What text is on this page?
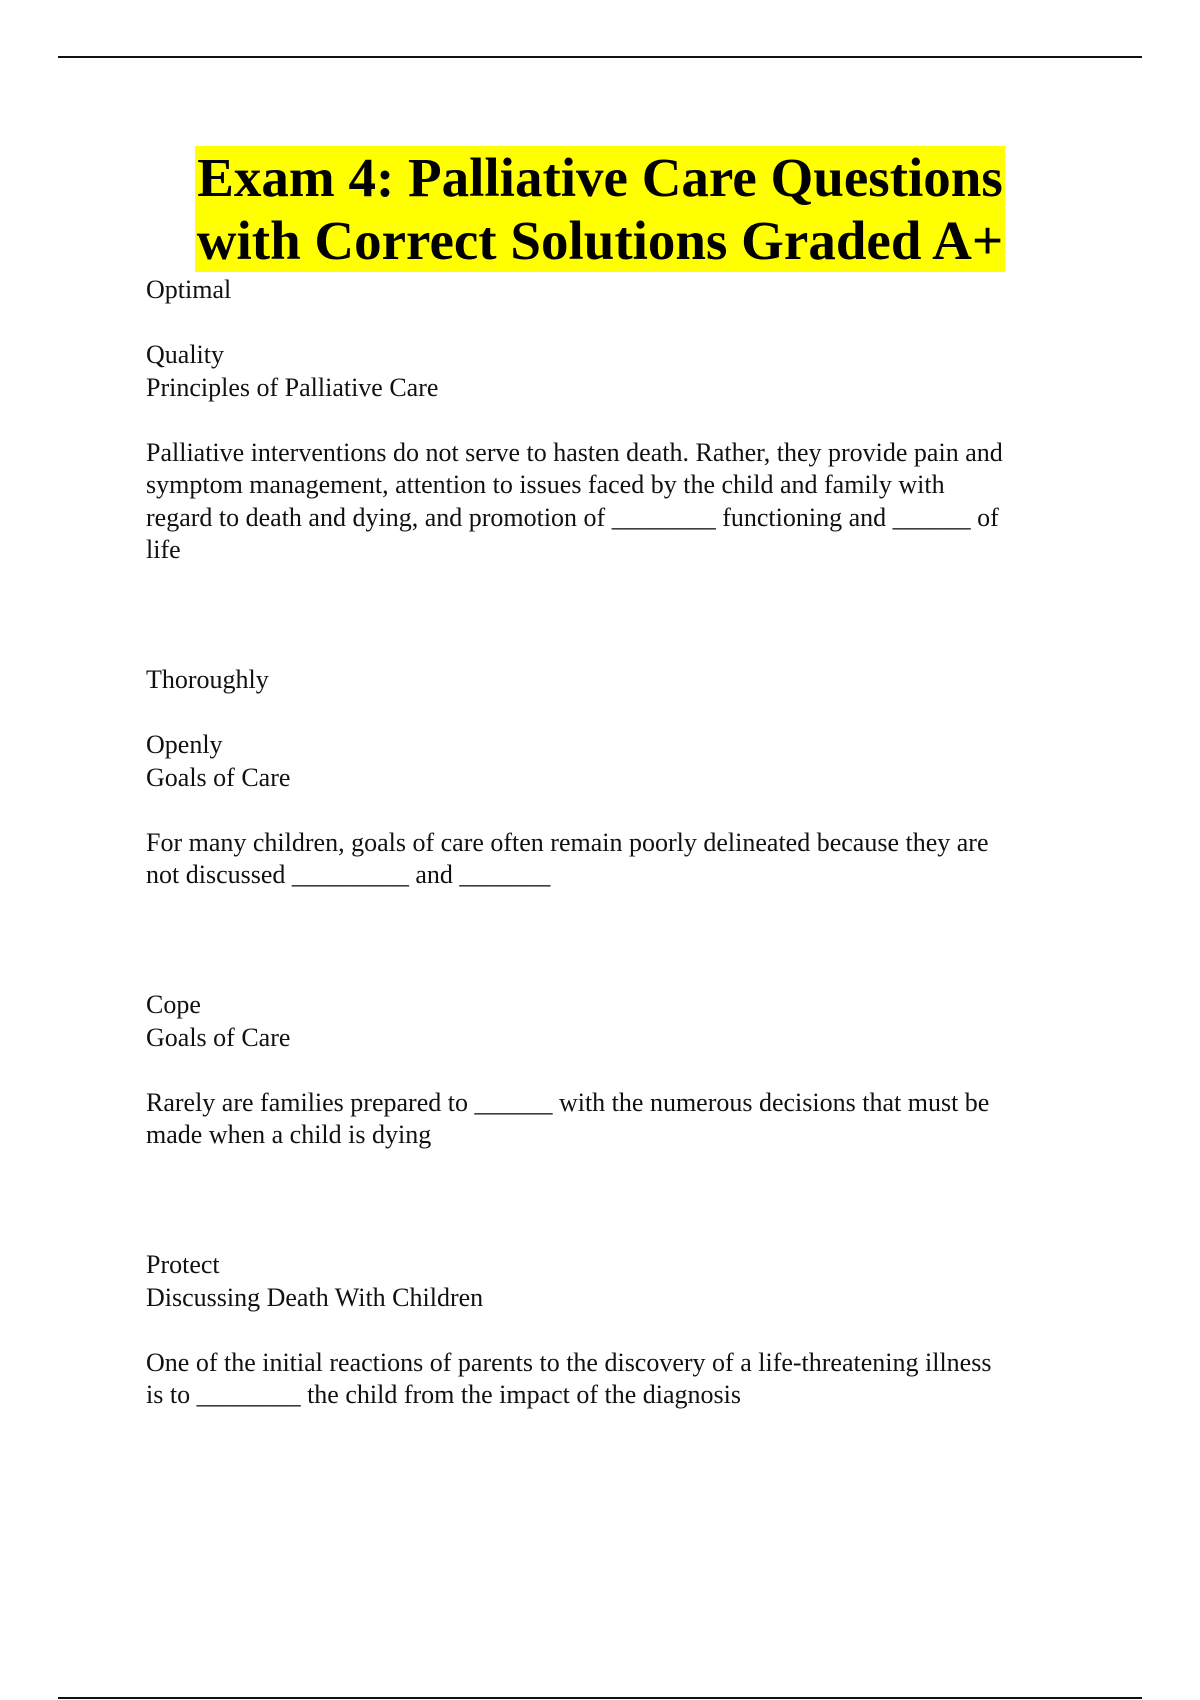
Exam 4: Palliative Care Questions
with Correct Solutions Graded A+
Optimal
Quality
Principles of Palliative Care
Palliative interventions do not serve to hasten death. Rather, they provide pain and
symptom management, attention to issues faced by the child and family with
regard to death and dying, and promotion of ________ functioning and ______ of
life
Thoroughly
Openly
Goals of Care
For many children, goals of care often remain poorly delineated because they are
not discussed _________ and _______
Cope
Goals of Care
Rarely are families prepared to ______ with the numerous decisions that must be
made when a child is dying
Protect
Discussing Death With Children
One of the initial reactions of parents to the discovery of a life-threatening illness
is to ________ the child from the impact of the diagnosis
